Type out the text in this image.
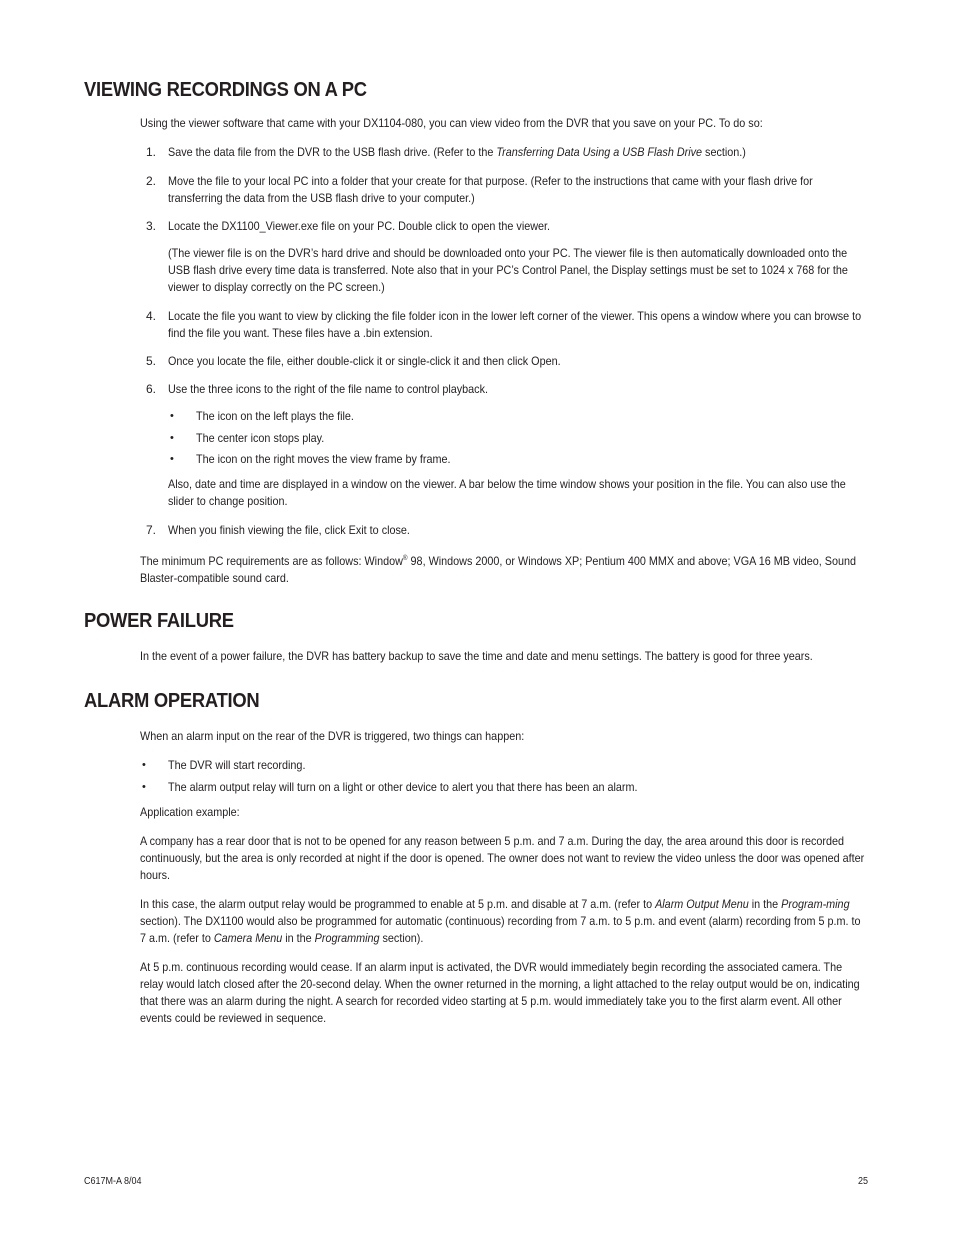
VIEWING RECORDINGS ON A PC

Using the viewer software that came with your DX1104-080, you can view video from the DVR that you save on your PC. To do so:

1. Save the data file from the DVR to the USB flash drive. (Refer to the Transferring Data Using a USB Flash Drive section.)

2. Move the file to your local PC into a folder that your create for that purpose. (Refer to the instructions that came with your flash drive for transferring the data from the USB flash drive to your computer.)

3. Locate the DX1100_Viewer.exe file on your PC. Double click to open the viewer.

(The viewer file is on the DVR’s hard drive and should be downloaded onto your PC. The viewer file is then automatically downloaded onto the USB flash drive every time data is transferred. Note also that in your PC’s Control Panel, the Display settings must be set to 1024 x 768 for the viewer to display correctly on the PC screen.)

4. Locate the file you want to view by clicking the file folder icon in the lower left corner of the viewer. This opens a window where you can browse to find the file you want. These files have a .bin extension.

5. Once you locate the file, either double-click it or single-click it and then click Open.

6. Use the three icons to the right of the file name to control playback.

• The icon on the left plays the file.

• The center icon stops play.

• The icon on the right moves the view frame by frame.

Also, date and time are displayed in a window on the viewer. A bar below the time window shows your position in the file. You can also use the slider to change position.

7. When you finish viewing the file, click Exit to close.

The minimum PC requirements are as follows: Window® 98, Windows 2000, or Windows XP; Pentium 400 MMX and above; VGA 16 MB video, Sound Blaster-compatible sound card.

POWER FAILURE

In the event of a power failure, the DVR has battery backup to save the time and date and menu settings. The battery is good for three years.

ALARM OPERATION

When an alarm input on the rear of the DVR is triggered, two things can happen:

• The DVR will start recording.

• The alarm output relay will turn on a light or other device to alert you that there has been an alarm.

Application example:

A company has a rear door that is not to be opened for any reason between 5 p.m. and 7 a.m. During the day, the area around this door is recorded continuously, but the area is only recorded at night if the door is opened. The owner does not want to review the video unless the door was opened after hours.

In this case, the alarm output relay would be programmed to enable at 5 p.m. and disable at 7 a.m. (refer to Alarm Output Menu in the Program-ming section). The DX1100 would also be programmed for automatic (continuous) recording from 7 a.m. to 5 p.m. and event (alarm) recording from 5 p.m. to 7 a.m. (refer to Camera Menu in the Programming section).

At 5 p.m. continuous recording would cease. If an alarm input is activated, the DVR would immediately begin recording the associated camera. The relay would latch closed after the 20-second delay. When the owner returned in the morning, a light attached to the relay output would be on, indicating that there was an alarm during the night. A search for recorded video starting at 5 p.m. would immediately take you to the first alarm event. All other events could be reviewed in sequence.

C617M-A 8/04	25
